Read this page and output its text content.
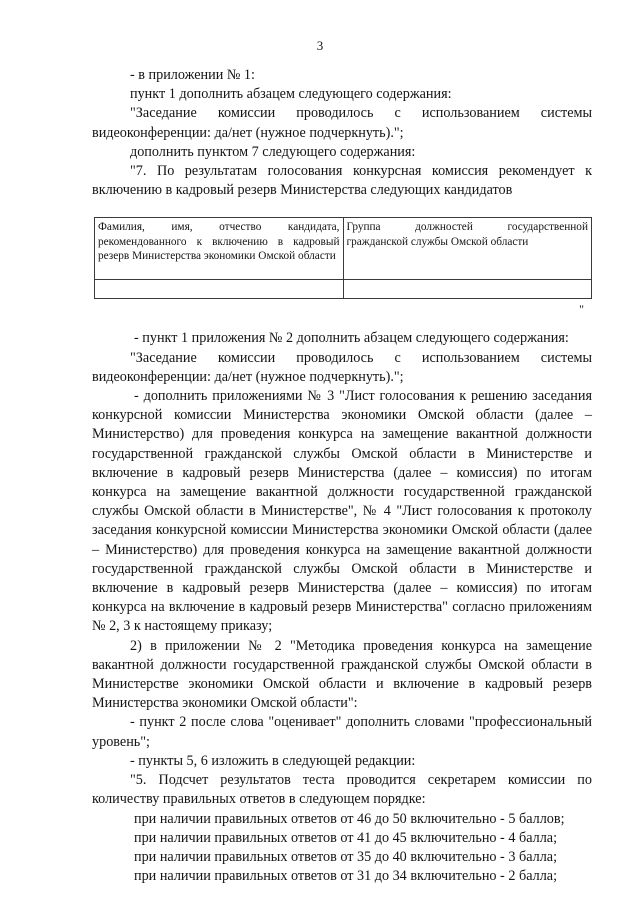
3

- в приложении № 1:

пункт 1 дополнить абзацем следующего содержания:

"Заседание комиссии проводилось с использованием системы видеоконференции: да/нет (нужное подчеркнуть).";

дополнить пунктом 7 следующего содержания:

"7. По результатам голосования конкурсная комиссия рекомендует к включению в кадровый резерв Министерства следующих кандидатов

Фамилия, имя, отчество кандидата, рекомендованного к включению в кадровый резерв Министерства экономики Омской области	Группа должностей государственной гражданской службы Омской области

"

- пункт 1 приложения № 2 дополнить абзацем следующего содержания:

"Заседание комиссии проводилось с использованием системы видеоконференции: да/нет (нужное подчеркнуть).";

- дополнить приложениями № 3 "Лист голосования к решению заседания конкурсной комиссии Министерства экономики Омской области (далее – Министерство) для проведения конкурса на замещение вакантной должности государственной гражданской службы Омской области в Министерстве и включение в кадровый резерв Министерства (далее – комиссия) по итогам конкурса на замещение вакантной должности государственной гражданской службы Омской области в Министерстве", № 4 "Лист голосования к протоколу заседания конкурсной комиссии Министерства экономики Омской области (далее – Министерство) для проведения конкурса на замещение вакантной должности государственной гражданской службы Омской области в Министерстве и включение в кадровый резерв Министерства (далее – комиссия) по итогам конкурса на включение в кадровый резерв Министерства" согласно приложениям № 2, 3 к настоящему приказу;

2) в приложении № 2 "Методика проведения конкурса на замещение вакантной должности государственной гражданской службы Омской области в Министерстве экономики Омской области и включение в кадровый резерв Министерства экономики Омской области":

- пункт 2 после слова "оценивает" дополнить словами "профессиональный уровень";

- пункты 5, 6 изложить в следующей редакции:

"5. Подсчет результатов теста проводится секретарем комиссии по количеству правильных ответов в следующем порядке:

при наличии правильных ответов от 46 до 50 включительно - 5 баллов;

при наличии правильных ответов от 41 до 45 включительно - 4 балла;

при наличии правильных ответов от 35 до 40 включительно - 3 балла;

при наличии правильных ответов от 31 до 34 включительно - 2 балла;
